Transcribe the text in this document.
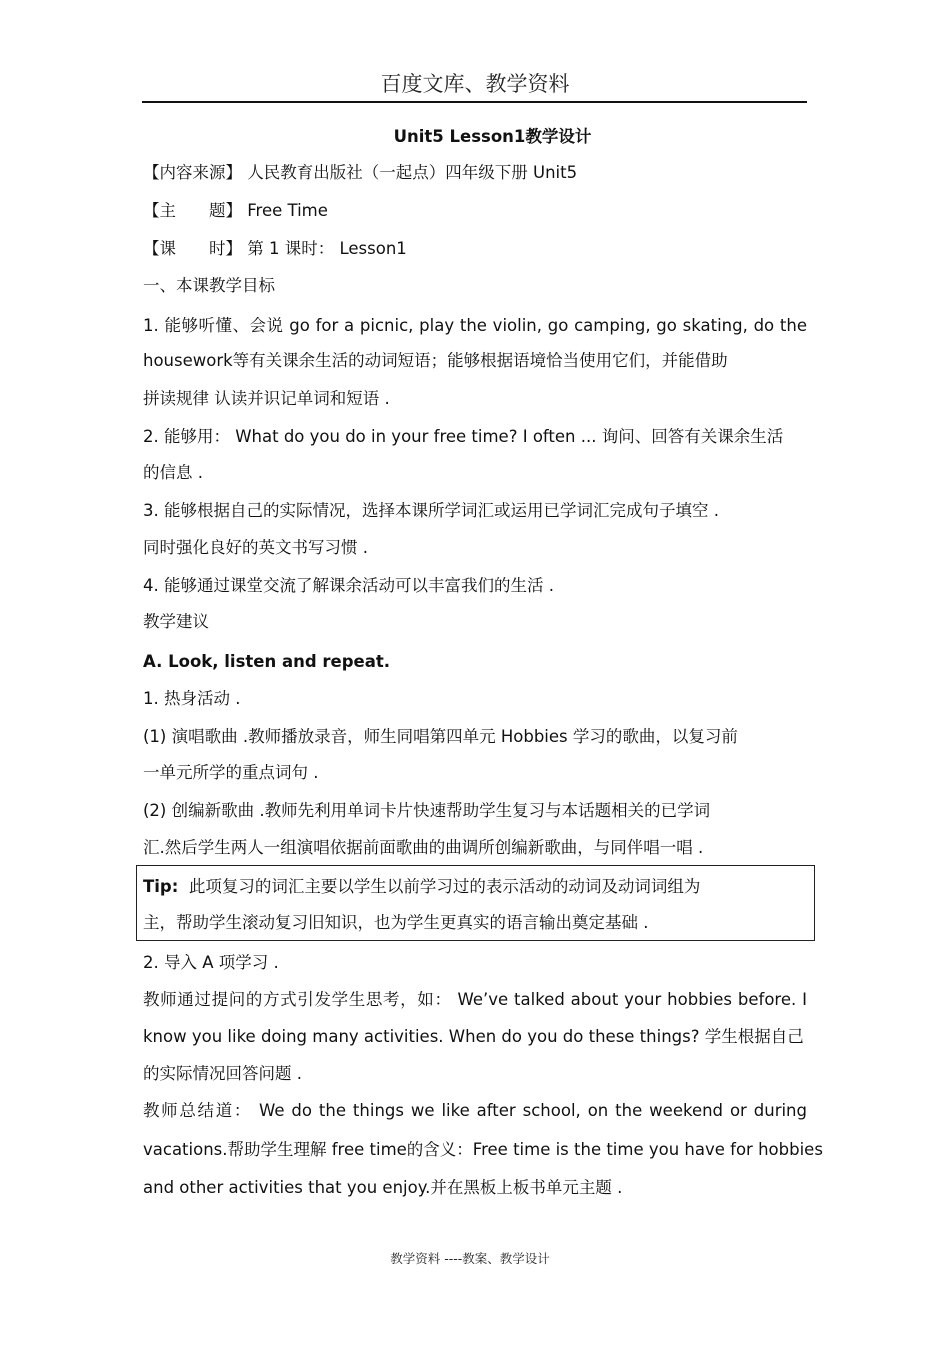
百度文库、教学资料
Unit5 Lesson1教学设计
【内容来源】 人民教育出版社（一起点）四年级下册 Unit5
【主　　题】 Free Time
【课　　时】 第 1 课时： Lesson1
一、本课教学目标
1. 能够听懂、会说 go for a picnic, play the violin, go camping, go skating, do the
housework等有关课余生活的动词短语；能够根据语境恰当使用它们，并能借助
拼读规律 认读并识记单词和短语 .
2. 能够用： What do you do in your free time? I often ... 询问、回答有关课余生活
的信息 .
3. 能够根据自己的实际情况，选择本课所学词汇或运用已学词汇完成句子填空 .
同时强化良好的英文书写习惯 .
4. 能够通过课堂交流了解课余活动可以丰富我们的生活 .
教学建议
A. Look, listen and repeat.
1. 热身活动 .
(1) 演唱歌曲 .教师播放录音，师生同唱第四单元 Hobbies 学习的歌曲，以复习前
一单元所学的重点词句 .
(2) 创编新歌曲 .教师先利用单词卡片快速帮助学生复习与本话题相关的已学词
汇.然后学生两人一组演唱依据前面歌曲的曲调所创编新歌曲，与同伴唱一唱 .
Tip: 此项复习的词汇主要以学生以前学习过的表示活动的动词及动词词组为
主，帮助学生滚动复习旧知识，也为学生更真实的语言输出奠定基础 .
2. 导入 A 项学习 .
教师通过提问的方式引发学生思考，如： We’ve talked about your hobbies before. I
know you like doing many activities. When do you do these things? 学生根据自己
的实际情况回答问题 .
教师总结道： We do the things we like after school, on the weekend or during
vacations.帮助学生理解 free time的含义：Free time is the time you have for hobbies
and other activities that you enjoy.并在黑板上板书单元主题 .
教学资料 ----教案、教学设计
